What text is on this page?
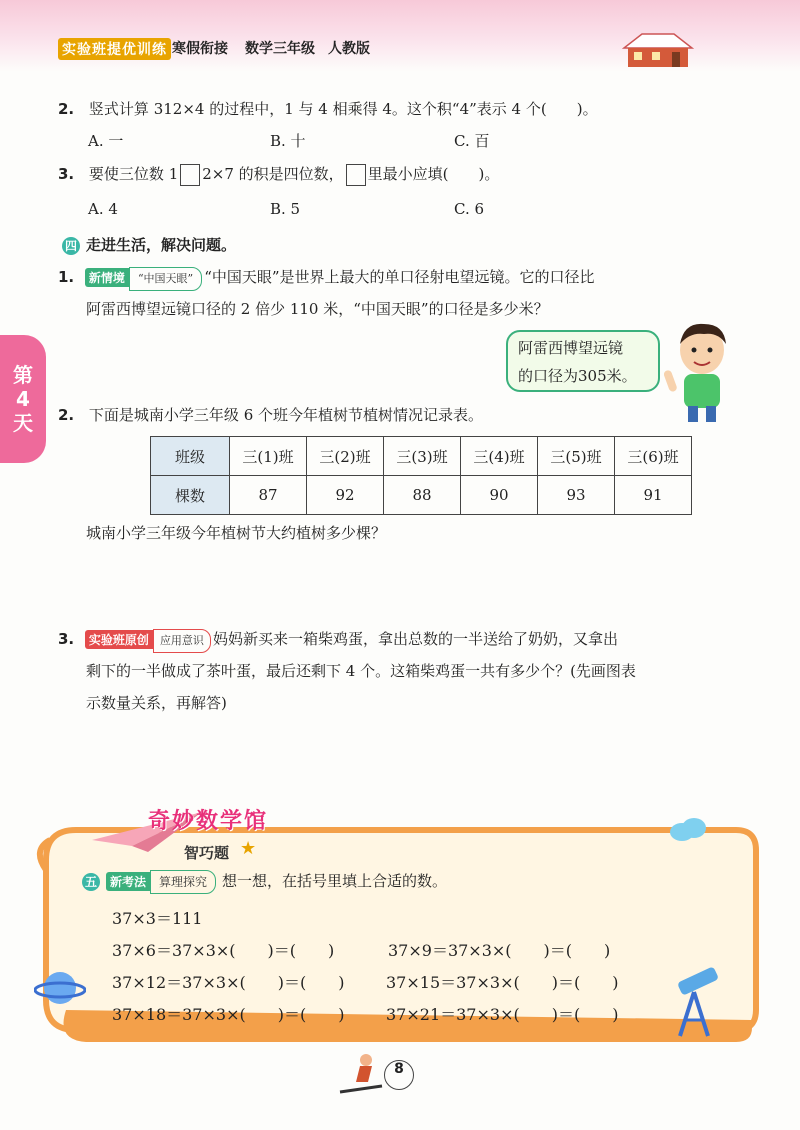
实验班提优训练 寒假衔接 数学三年级 人教版
第
4
天
2. 竖式计算 312×4 的过程中，1 与 4 相乘得 4。这个积“4”表示 4 个(　　)。
A. 一	B. 十	C. 百
3. 要使三位数 1 2×7 的积是四位数， 里最小应填(　　)。
A. 4	B. 5	C. 6
四 走进生活，解决问题。
1. 新情境 “中国天眼” “中国天眼”是世界上最大的单口径射电望远镜。它的口径比
阿雷西博望远镜口径的 2 倍少 110 米，“中国天眼”的口径是多少米？
阿雷西博望远镜
的口径为305米。
2. 下面是城南小学三年级 6 个班今年植树节植树情况记录表。
班级	三(1)班	三(2)班	三(3)班	三(4)班	三(5)班	三(6)班
棵数	87	92	88	90	93	91
城南小学三年级今年植树节大约植树多少棵？
3. 实验班原创 应用意识 妈妈新买来一箱柴鸡蛋，拿出总数的一半送给了奶奶，又拿出
剩下的一半做成了茶叶蛋，最后还剩下 4 个。这箱柴鸡蛋一共有多少个？(先画图表
示数量关系，再解答)
奇妙数学馆
智巧题 ★
五 新考法 算理探究 想一想，在括号里填上合适的数。
37×3＝111
37×6＝37×3×(　　)＝(　　)	37×9＝37×3×(　　)＝(　　)
37×12＝37×3×(　　)＝(　　)	37×15＝37×3×(　　)＝(　　)
37×18＝37×3×(　　)＝(　　)	37×21＝37×3×(　　)＝(　　)
8
